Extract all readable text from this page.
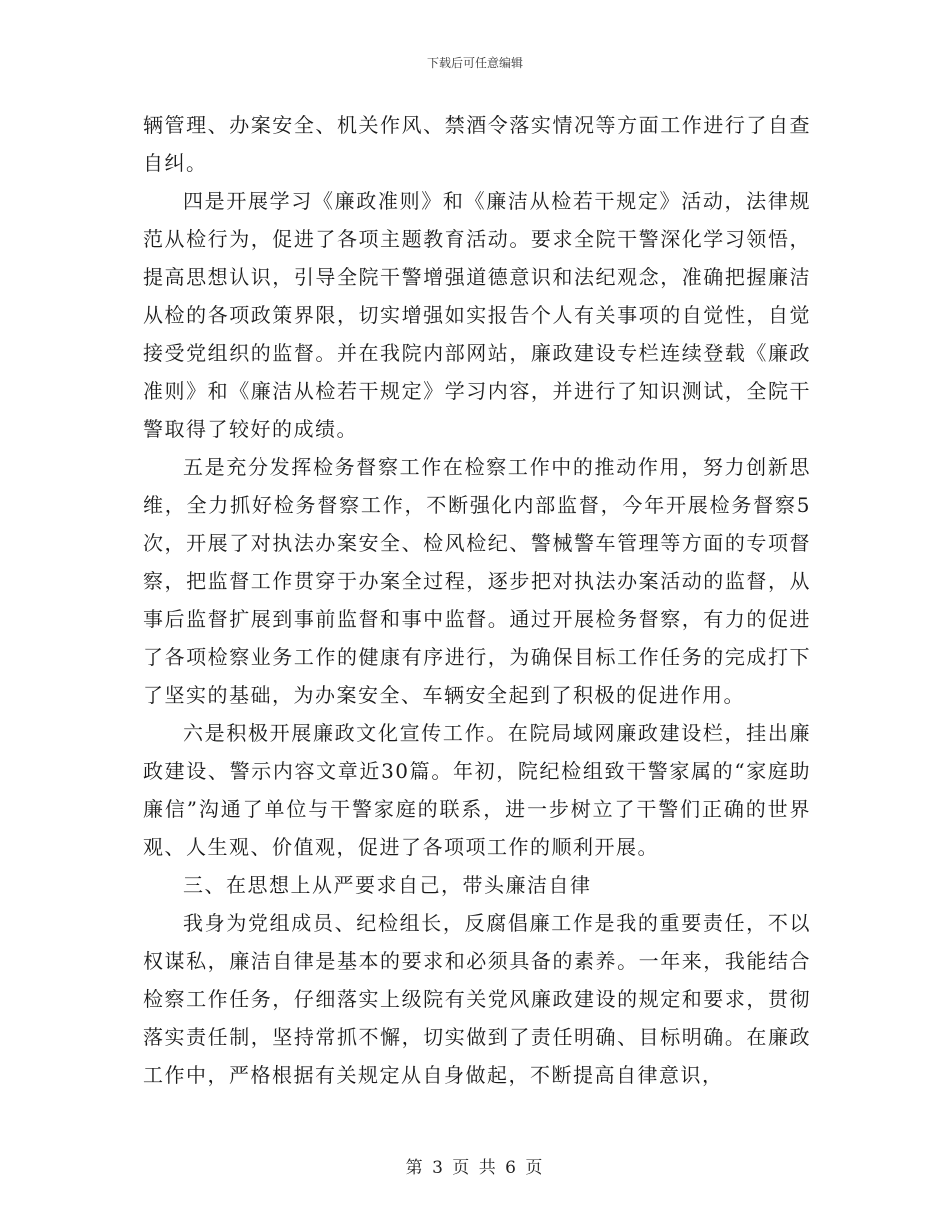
下载后可任意编辑

辆管理、办案安全、机关作风、禁酒令落实情况等方面工作进行了自查自纠。

四是开展学习《廉政准则》和《廉洁从检若干规定》活动，法律规范从检行为，促进了各项主题教育活动。要求全院干警深化学习领悟，提高思想认识，引导全院干警增强道德意识和法纪观念，准确把握廉洁从检的各项政策界限，切实增强如实报告个人有关事项的自觉性，自觉接受党组织的监督。并在我院内部网站，廉政建设专栏连续登载《廉政准则》和《廉洁从检若干规定》学习内容，并进行了知识测试，全院干警取得了较好的成绩。

五是充分发挥检务督察工作在检察工作中的推动作用，努力创新思维，全力抓好检务督察工作，不断强化内部监督，今年开展检务督察5次，开展了对执法办案安全、检风检纪、警械警车管理等方面的专项督察，把监督工作贯穿于办案全过程，逐步把对执法办案活动的监督，从事后监督扩展到事前监督和事中监督。通过开展检务督察，有力的促进了各项检察业务工作的健康有序进行，为确保目标工作任务的完成打下了坚实的基础，为办案安全、车辆安全起到了积极的促进作用。

六是积极开展廉政文化宣传工作。在院局域网廉政建设栏，挂出廉政建设、警示内容文章近30篇。年初，院纪检组致干警家属的“家庭助廉信”沟通了单位与干警家庭的联系，进一步树立了干警们正确的世界观、人生观、价值观，促进了各项项工作的顺利开展。

三、在思想上从严要求自己，带头廉洁自律

我身为党组成员、纪检组长，反腐倡廉工作是我的重要责任，不以权谋私，廉洁自律是基本的要求和必须具备的素养。一年来，我能结合检察工作任务，仔细落实上级院有关党风廉政建设的规定和要求，贯彻落实责任制，坚持常抓不懈，切实做到了责任明确、目标明确。在廉政工作中，严格根据有关规定从自身做起，不断提高自律意识，

第 3 页 共 6 页
